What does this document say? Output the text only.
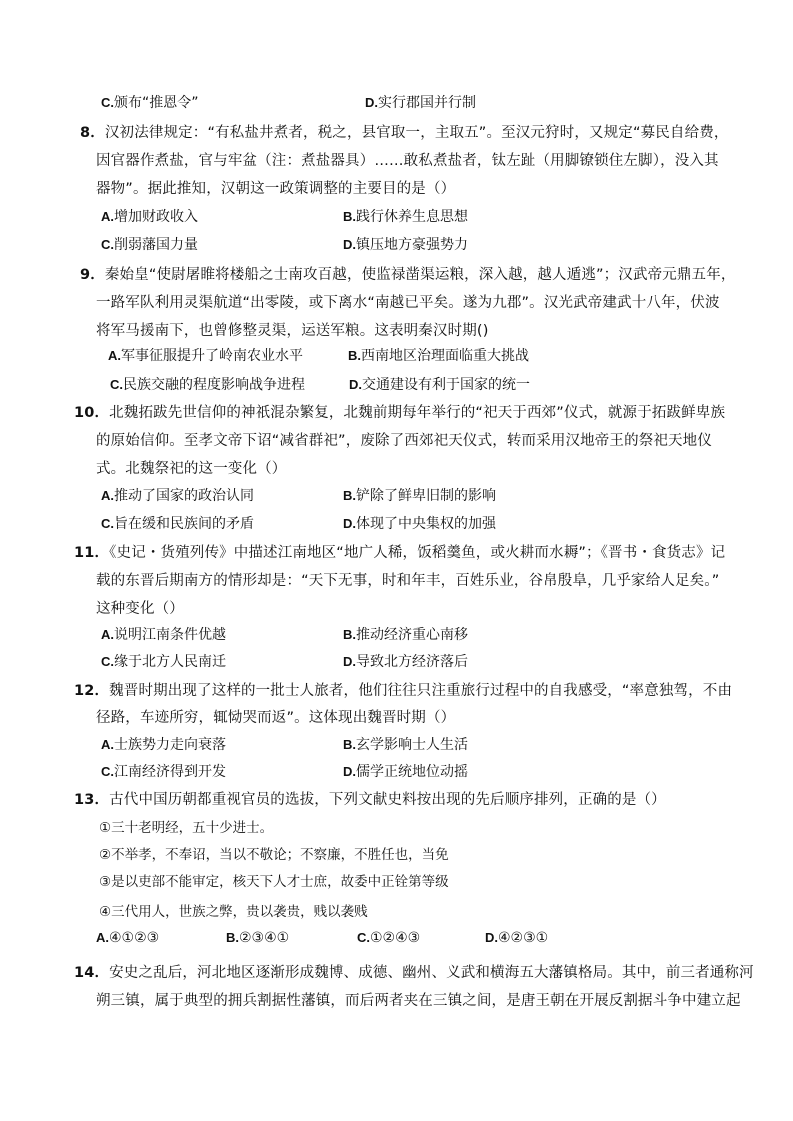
C.颁布“推恩令”	D.实行郡国并行制
8．汉初法律规定：“有私盐井煮者，税之，县官取一，主取五”。至汉元狩时，又规定“募民自给费，
因官器作煮盐，官与牢盆（注：煮盐器具）……敢私煮盐者，钛左趾（用脚镣锁住左脚），没入其
器物”。据此推知，汉朝这一政策调整的主要目的是（）
A.增加财政收入	B.践行休养生息思想
C.削弱藩国力量	D.镇压地方豪强势力
9．秦始皇“使尉屠睢将楼船之士南攻百越，使监禄凿渠运粮，深入越，越人遁逃”；汉武帝元鼎五年，
一路军队利用灵渠航道“出零陵，或下离水“南越已平矣。遂为九郡”。汉光武帝建武十八年，伏波
将军马援南下，也曾修整灵渠，运送军粮。这表明秦汉时期()
A.军事征服提升了岭南农业水平	B.西南地区治理面临重大挑战
C.民族交融的程度影响战争进程	D.交通建设有利于国家的统一
10．北魏拓跋先世信仰的神祇混杂繁复，北魏前期每年举行的“祀天于西郊”仪式，就源于拓跋鲜卑族
的原始信仰。至孝文帝下诏“减省群祀”，废除了西郊祀天仪式，转而采用汉地帝王的祭祀天地仪
式。北魏祭祀的这一变化（）
A.推动了国家的政治认同	B.铲除了鲜卑旧制的影响
C.旨在缓和民族间的矛盾	D.体现了中央集权的加强
11．《史记・货殖列传》中描述江南地区“地广人稀，饭稻羹鱼，或火耕而水耨”；《晋书・食货志》记
载的东晋后期南方的情形却是：“天下无事，时和年丰，百姓乐业，谷帛殷阜，几乎家给人足矣。”
这种变化（）
A.说明江南条件优越	B.推动经济重心南移
C.缘于北方人民南迁	D.导致北方经济落后
12．魏晋时期出现了这样的一批士人旅者，他们往往只注重旅行过程中的自我感受，“率意独驾，不由
径路，车迹所穷，辄恸哭而返”。这体现出魏晋时期（）
A.士族势力走向衰落	B.玄学影响士人生活
C.江南经济得到开发	D.儒学正统地位动摇
13．古代中国历朝都重视官员的选拔，下列文献史料按出现的先后顺序排列，正确的是（）
①三十老明经，五十少进士。
②不举孝，不奉诏，当以不敬论；不察廉，不胜任也，当免
③是以吏部不能审定，核天下人才士庶，故委中正铨第等级
④三代用人，世族之弊，贵以袭贵，贱以袭贱
A.④①②③	B.②③④①	C.①②④③	D.④②③①
14．安史之乱后，河北地区逐渐形成魏博、成德、幽州、义武和横海五大藩镇格局。其中，前三者通称河
朔三镇，属于典型的拥兵割据性藩镇，而后两者夹在三镇之间，是唐王朝在开展反割据斗争中建立起
